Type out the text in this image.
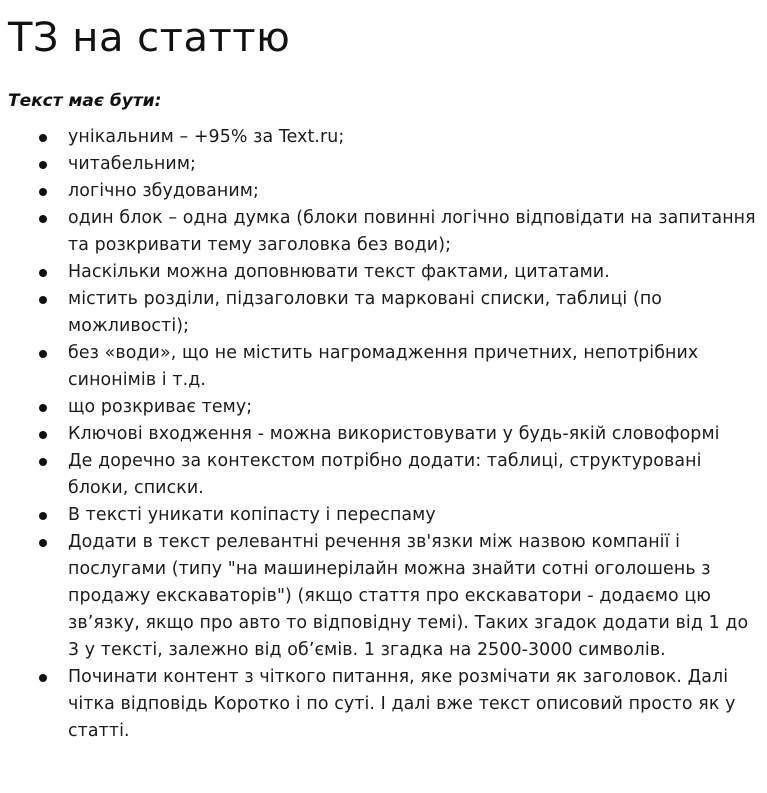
ТЗ на статтю

Текст має бути:

унікальним – +95% за Text.ru;
читабельним;
логічно збудованим;
один блок – одна думка (блоки повинні логічно відповідати на запитання та розкривати тему заголовка без води);
Наскільки можна доповнювати текст фактами, цитатами.
містить розділи, підзаголовки та марковані списки, таблиці (по можливості);
без «води», що не містить нагромадження причетних, непотрібних синонімів і т.д.
що розкриває тему;
Ключові входження - можна використовувати у будь-якій словоформі
Де доречно за контекстом потрібно додати: таблиці, структуровані блоки, списки.
В тексті уникати копіпасту і переспаму
Додати в текст релевантні речення зв'язки між назвою компанії і послугами (типу "на машинерілайн можна знайти сотні оголошень з продажу екскаваторів") (якщо стаття про екскаватори - додаємо цю зв’язку, якщо про авто то відповідну темі). Таких згадок додати від 1 до 3 у тексті, залежно від об’ємів. 1 згадка на 2500-3000 символів.
Починати контент з чіткого питання, яке розмічати як заголовок. Далі чітка відповідь Коротко і по суті. І далі вже текст описовий просто як у статті.
